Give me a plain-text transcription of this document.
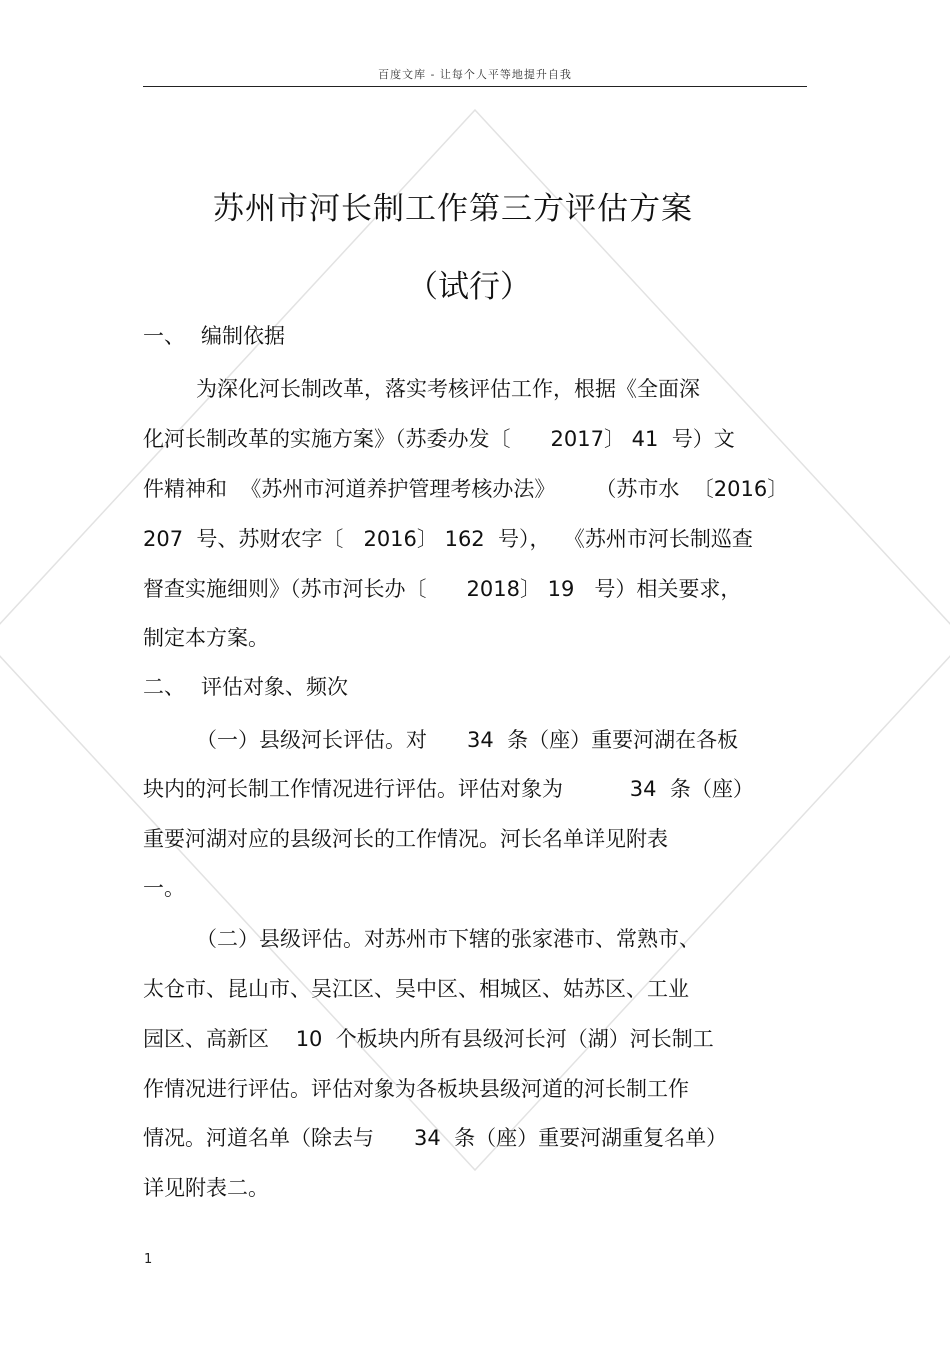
百度文库 - 让每个人平等地提升自我
苏州市河长制工作第三方评估方案
（试行）
一、 编制依据
为深化河长制改革，落实考核评估工作，根据《全面深
化河长制改革的实施方案》（苏委办发〔      2017〕 41  号）文
件精神和  《苏州市河道养护管理考核办法》      （苏市水  〔2016〕
207  号、苏财农字〔   2016〕 162  号），  《苏州市河长制巡查
督查实施细则》（苏市河长办〔      2018〕 19   号）相关要求，
制定本方案。
二、 评估对象、频次
（一）县级河长评估。对      34  条（座）重要河湖在各板
块内的河长制工作情况进行评估。评估对象为          34  条（座）
重要河湖对应的县级河长的工作情况。河长名单详见附表
一。
（二）县级评估。对苏州市下辖的张家港市、常熟市、
太仓市、昆山市、吴江区、吴中区、相城区、姑苏区、工业
园区、高新区    10  个板块内所有县级河长河（湖）河长制工
作情况进行评估。评估对象为各板块县级河道的河长制工作
情况。河道名单（除去与      34  条（座）重要河湖重复名单）
详见附表二。
1
